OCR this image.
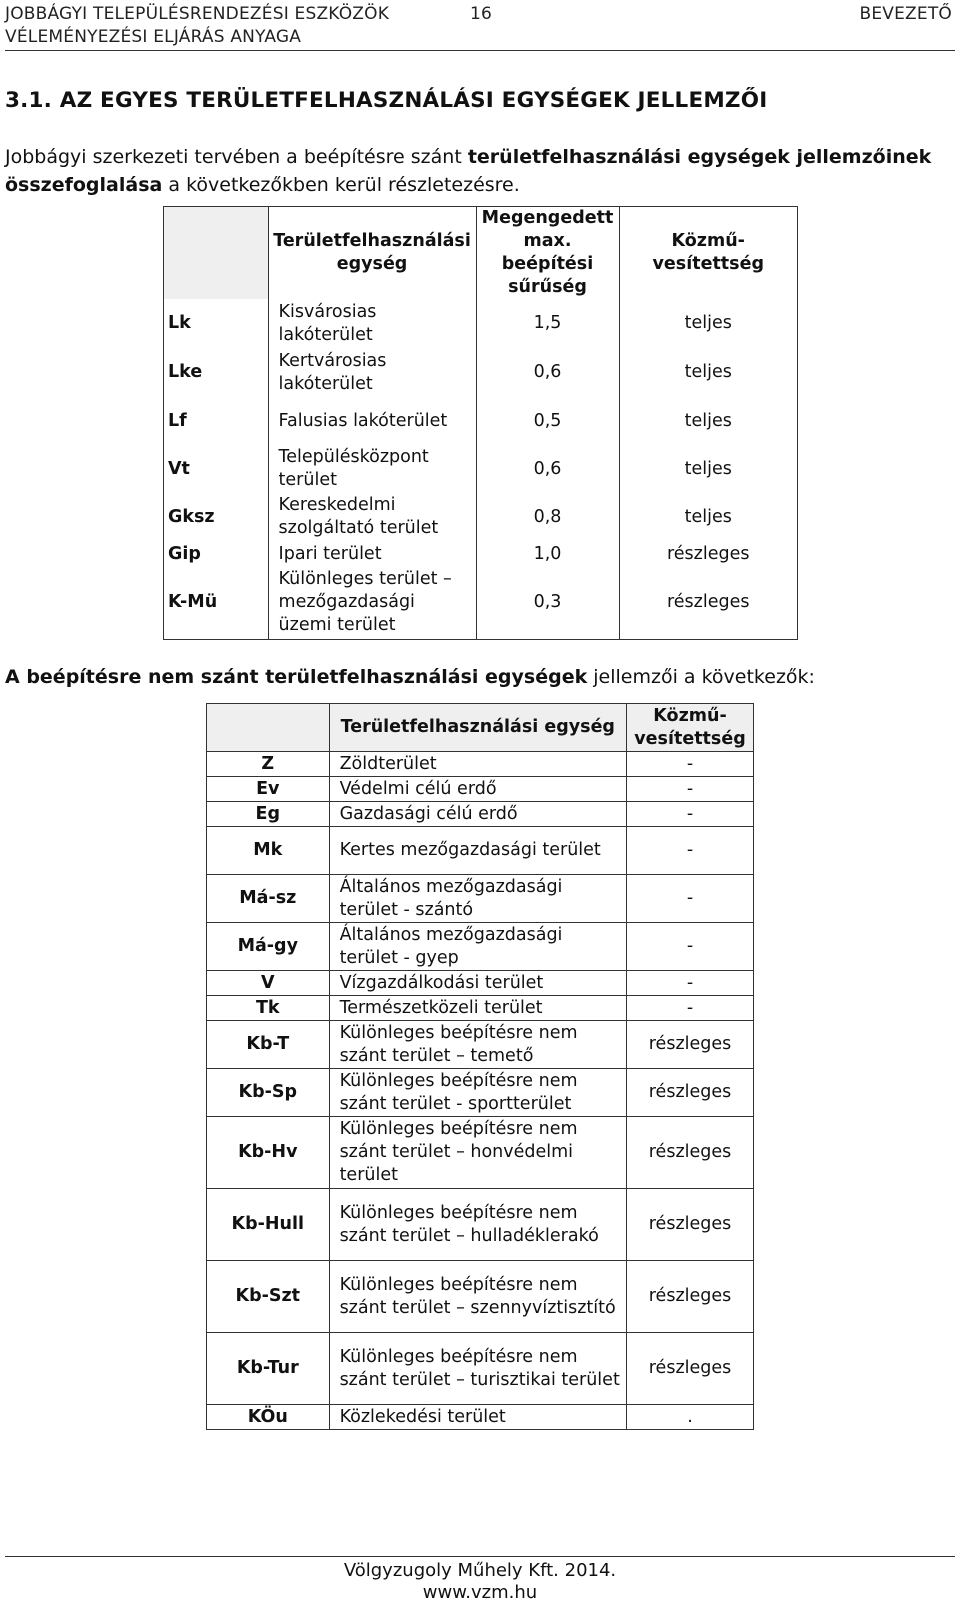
JOBBÁGYI TELEPÜLÉSRENDEZÉSI ESZKÖZÖK
VÉLEMÉNYEZÉSI ELJÁRÁS ANYAGA
16	BEVEZETŐ
3.1. AZ EGYES TERÜLETFELHASZNÁLÁSI EGYSÉGEK JELLEMZŐI
Jobbágyi szerkezeti tervében a beépítésre szánt területfelhasználási egységek jellemzőinek összefoglalása a következőkben kerül részletezésre.
	Területfelhasználási egység	Megengedett max. beépítési sűrűség	Közmű-vesítettség
Lk	Kisvárosias lakóterület	1,5	teljes
Lke	Kertvárosias lakóterület	0,6	teljes
Lf	Falusias lakóterület	0,5	teljes
Vt	Településközpont terület	0,6	teljes
Gksz	Kereskedelmi szolgáltató terület	0,8	teljes
Gip	Ipari terület	1,0	részleges
K-Mü	Különleges terület – mezőgazdasági üzemi terület	0,3	részleges
A beépítésre nem szánt területfelhasználási egységek jellemzői a következők:
	Területfelhasználási egység	Közmű-vesítettség
Z	Zöldterület	-
Ev	Védelmi célú erdő	-
Eg	Gazdasági célú erdő	-
Mk	Kertes mezőgazdasági terület	-
Má-sz	Általános mezőgazdasági terület - szántó	-
Má-gy	Általános mezőgazdasági terület - gyep	-
V	Vízgazdálkodási terület	-
Tk	Természetközeli terület	-
Kb-T	Különleges beépítésre nem szánt terület – temető	részleges
Kb-Sp	Különleges beépítésre nem szánt terület - sportterület	részleges
Kb-Hv	Különleges beépítésre nem szánt terület – honvédelmi terület	részleges
Kb-Hull	Különleges beépítésre nem szánt terület – hulladéklerakó	részleges
Kb-Szt	Különleges beépítésre nem szánt terület – szennyvíztisztító	részleges
Kb-Tur	Különleges beépítésre nem szánt terület – turisztikai terület	részleges
KÖu	Közlekedési terület	.
Völgyzugoly Műhely Kft. 2014.
www.vzm.hu
